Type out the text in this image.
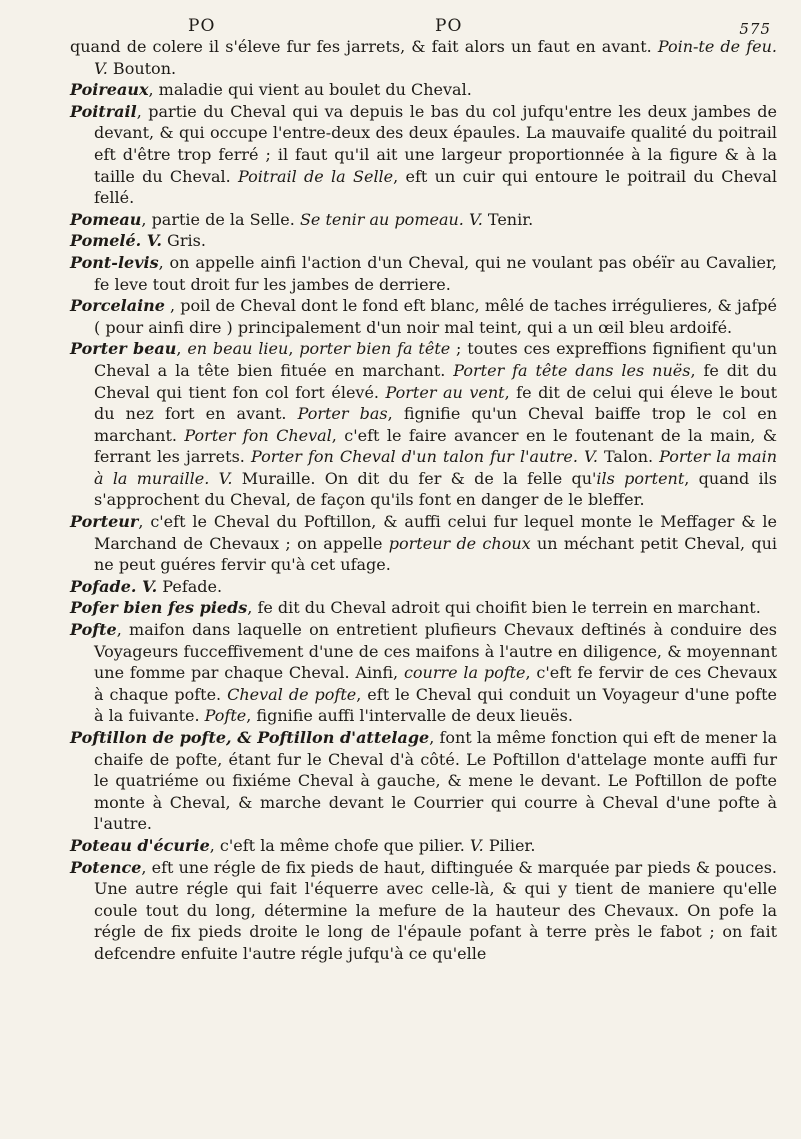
PO	PO	575

quand de colere il s'éleve fur fes jarrets, & fait alors un faut en avant. Poin-te de feu. V. Bouton.

Poireaux, maladie qui vient au boulet du Cheval.

Poitrail, partie du Cheval qui va depuis le bas du col jufqu'entre les deux jambes de devant, & qui occupe l'entre-deux des deux épaules. La mauvaife qualité du poitrail eft d'être trop ferré ; il faut qu'il ait une largeur proportionnée à la figure & à la taille du Cheval. Poitrail de la Selle, eft un cuir qui entoure le poitrail du Cheval fellé.

Pomeau, partie de la Selle. Se tenir au pomeau. V. Tenir.

Pomelé. V. Gris.

Pont-levis, on appelle ainfi l'action d'un Cheval, qui ne voulant pas obéïr au Cavalier, fe leve tout droit fur les jambes de derriere.

Porcelaine , poil de Cheval dont le fond eft blanc, mêlé de taches irrégulieres, & jafpé ( pour ainfi dire ) principalement d'un noir mal teint, qui a un œil bleu ardoifé.

Porter beau, en beau lieu, porter bien fa tête ; toutes ces expreffions fignifient qu'un Cheval a la tête bien fituée en marchant. Porter fa tête dans les nuës, fe dit du Cheval qui tient fon col fort élevé. Porter au vent, fe dit de celui qui éleve le bout du nez fort en avant. Porter bas, fignifie qu'un Cheval baiffe trop le col en marchant. Porter fon Cheval, c'eft le faire avancer en le foutenant de la main, & ferrant les jarrets. Porter fon Cheval d'un talon fur l'autre. V. Talon. Porter la main à la muraille. V. Muraille. On dit du fer & de la felle qu'ils portent, quand ils s'approchent du Cheval, de façon qu'ils font en danger de le bleffer.

Porteur, c'eft le Cheval du Poftillon, & auffi celui fur lequel monte le Meffager & le Marchand de Chevaux ; on appelle porteur de choux un méchant petit Cheval, qui ne peut guéres fervir qu'à cet ufage.

Pofade. V. Pefade.

Pofer bien fes pieds, fe dit du Cheval adroit qui choifit bien le terrein en marchant.

Pofte, maifon dans laquelle on entretient plufieurs Chevaux deftinés à conduire des Voyageurs fucceffivement d'une de ces maifons à l'autre en diligence, & moyennant une fomme par chaque Cheval. Ainfi, courre la pofte, c'eft fe fervir de ces Chevaux à chaque pofte. Cheval de pofte, eft le Cheval qui conduit un Voyageur d'une pofte à la fuivante. Pofte, fignifie auffi l'intervalle de deux lieuës.

Poftillon de pofte, & Poftillon d'attelage, font la même fonction qui eft de mener la chaife de pofte, étant fur le Cheval d'à côté. Le Poftillon d'attelage monte auffi fur le quatriéme ou fixiéme Cheval à gauche, & mene le devant. Le Poftillon de pofte monte à Cheval, & marche devant le Courrier qui courre à Cheval d'une pofte à l'autre.

Poteau d'écurie, c'eft la même chofe que pilier. V. Pilier.

Potence, eft une régle de fix pieds de haut, diftinguée & marquée par pieds & pouces. Une autre régle qui fait l'équerre avec celle-là, & qui y tient de maniere qu'elle coule tout du long, détermine la mefure de la hauteur des Chevaux. On pofe la régle de fix pieds droite le long de l'épaule pofant à terre près le fabot ; on fait defcendre enfuite l'autre régle jufqu'à ce qu'elle
